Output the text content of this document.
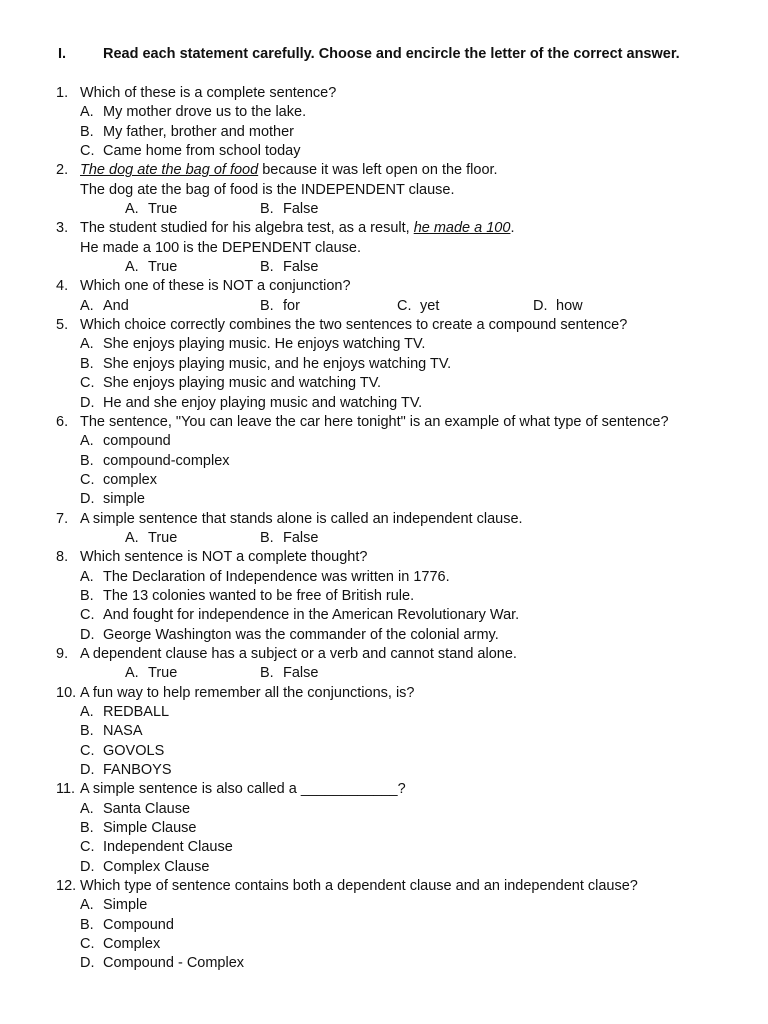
I.	Read each statement carefully. Choose and encircle the letter of the correct answer.
1. Which of these is a complete sentence?
A. My mother drove us to the lake.
B. My father, brother and mother
C. Came home from school today
2. The dog ate the bag of food because it was left open on the floor.
The dog ate the bag of food is the INDEPENDENT clause.
A. True	B. False
3. The student studied for his algebra test, as a result, he made a 100.
He made a 100 is the DEPENDENT clause.
A. True	B. False
4. Which one of these is NOT a conjunction?
A. And	B. for	C. yet	D. how
5. Which choice correctly combines the two sentences to create a compound sentence?
A. She enjoys playing music. He enjoys watching TV.
B. She enjoys playing music, and he enjoys watching TV.
C. She enjoys playing music and watching TV.
D. He and she enjoy playing music and watching TV.
6. The sentence, "You can leave the car here tonight" is an example of what type of sentence?
A. compound
B. compound-complex
C. complex
D. simple
7. A simple sentence that stands alone is called an independent clause.
A. True	B. False
8. Which sentence is NOT a complete thought?
A. The Declaration of Independence was written in 1776.
B. The 13 colonies wanted to be free of British rule.
C. And fought for independence in the American Revolutionary War.
D. George Washington was the commander of the colonial army.
9. A dependent clause has a subject or a verb and cannot stand alone.
A. True	B. False
10. A fun way to help remember all the conjunctions, is?
A. REDBALL
B. NASA
C. GOVOLS
D. FANBOYS
11. A simple sentence is also called a ____________?
A. Santa Clause
B. Simple Clause
C. Independent Clause
D. Complex Clause
12. Which type of sentence contains both a dependent clause and an independent clause?
A. Simple
B. Compound
C. Complex
D. Compound - Complex
